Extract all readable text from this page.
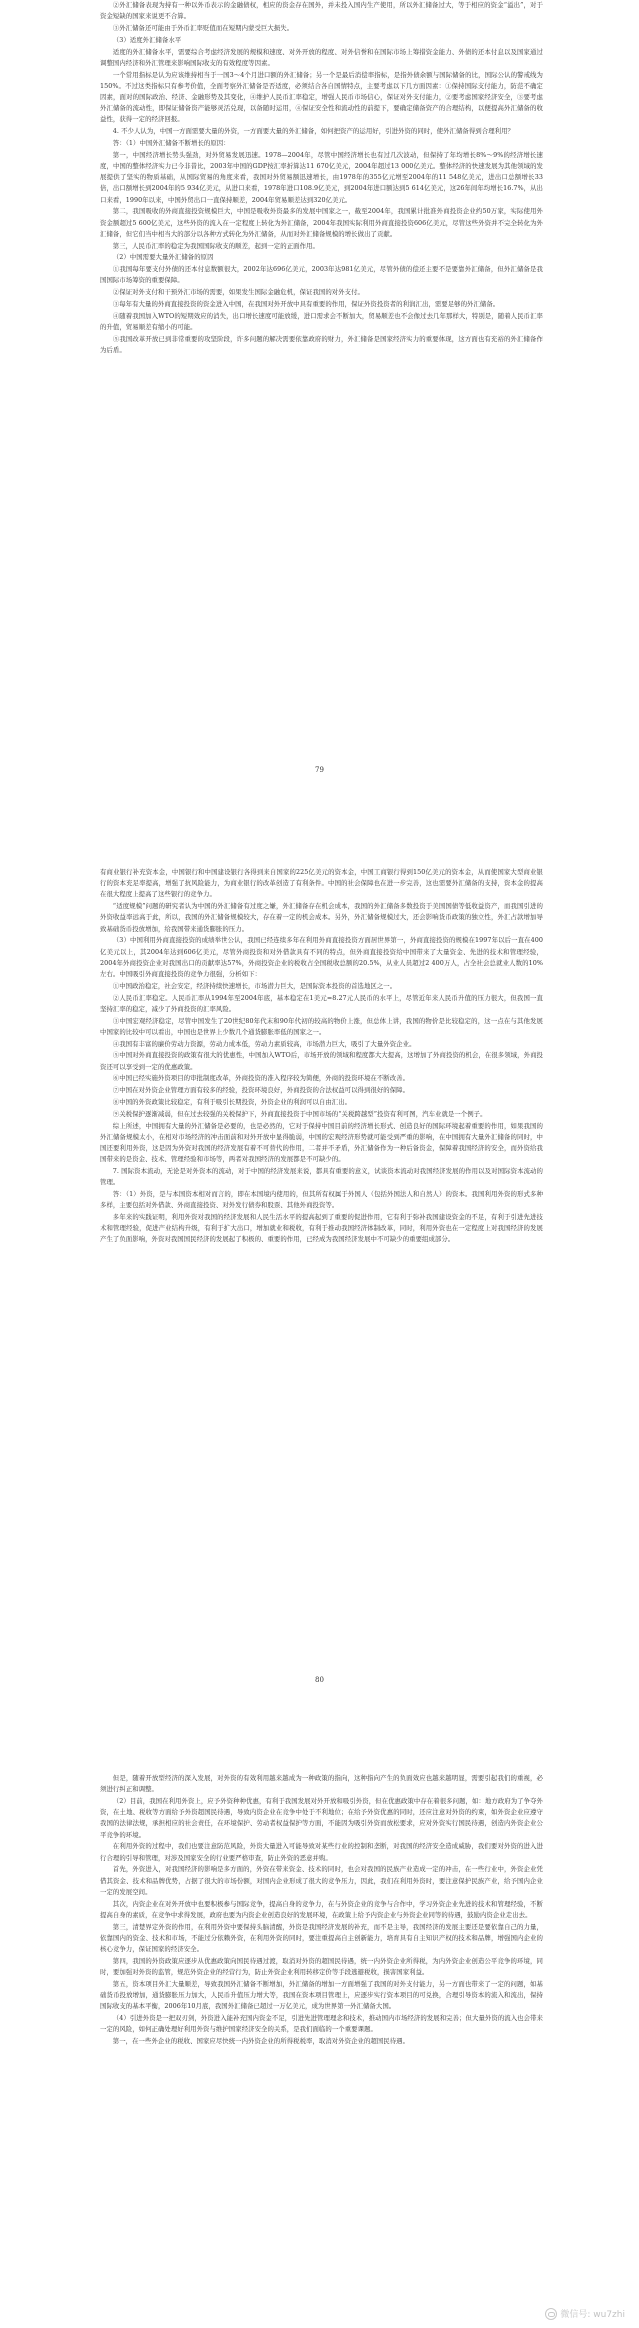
②外汇储备表现为持有一种以外币表示的金融债权，相应的资金存在国外，并未投入国内生产使用，所以外汇储备过大，等于相应的资金“溢出”，对于资金短缺的国家来说更不合算。

③外汇储备还可能由于外币汇率贬值而在短期内蒙受巨大损失。

（3）适度外汇储备水平

适度的外汇储备水平，需要综合考虑经济发展的规模和速度、对外开放的程度、对外信誉和在国际市场上筹措资金能力、外债的还本付息以及国家通过调整国内经济和外汇管理来影响国际收支的有效程度等因素。

一个常用指标是认为应该维持相当于一国3～4个月进口额的外汇储备；另一个是最后消偿率指标，是指外债余额与国际储备的比，国际公认的警戒线为150%。不过这类指标只有参考价值，全面考察外汇储备是否适度，必须结合各自国情特点，主要考虑以下几方面因素：①保持国际支付能力，防范不确定因素，面对的国际政治、经济、金融形势及其变化，④维护人民币汇率稳定，增强人民币市场信心，保证对外支付能力，②要考虑国家经济安全，③要考虑外汇储备的流动性，即保证储备资产能够灵活兑现，以备随时运用，④保证安全性和流动性的前提下，要确定储备资产的合理结构，以便提高外汇储备的收益性，获得一定的经济回报。

4. 不少人认为，中国一方面需要大量的外资，一方面要大量的外汇储备，如何把资产的运用好，引进外资的同时，使外汇储备得到合理利用？

答：（1）中国外汇储备不断增长的原因：

第一，中国经济增长势头强劲，对外贸易发展迅速。1978—2004年，尽管中国经济增长也有过几次波动，但保持了年均增长8%～9%的经济增长速度，中国的整体经济实力已今非昔比，2003年中国的GDP按汇率折算达11 670亿美元，2004年超过13 000亿美元。整体经济的快速发展为其他领域的发展提供了坚实的物质基础，从国际贸易的角度来看，我国对外贸易额迅速增长，由1978年的355亿元增至2004年的11 548亿美元，进出口总额增长33倍，出口额增长到2004年的5 934亿美元，从进口来看，1978年进口108.9亿美元，到2004年进口额达到5 614亿美元，这26年间年均增长16.7%，从出口来看，1990年以来，中国外贸出口一直保持顺差，2004年贸易顺差达到320亿美元。

第二，我国吸收的外商直接投资规模巨大，中国是吸收外资最多的发展中国家之一，截至2004年，我国累计批准外商投资企业约50万家，实际使用外资金额超过5 600亿美元，这些外资的流入在一定程度上转化为外汇储备，2004年我国实际利用外商直接投资606亿美元，尽管这些外资并不完全转化为外汇储备，但它们当中相当大的部分以各种方式转化为外汇储备，从而对外汇储备规模的增长做出了贡献。

第三，人民币汇率的稳定为我国国际收支的顺差，起到一定的正面作用。

（2）中国需要大量外汇储备的原因

①我国每年要支付外债的还本付息数额很大，2002年达696亿美元，2003年达981亿美元，尽管外债的偿还主要不是要靠外汇储备，但外汇储备是我国国际市场筹资的重要保障。

②保证对外支付和干预外汇市场的需要，如果发生国际金融危机，保证我国的对外支付。

③每年有大量的外商直接投资的资金进入中国，在我国对外开放中具有重要的作用，保证外资投资者的利润汇出，需要足够的外汇储备。

④随着我国加入WTO的短期效应的消失，出口增长速度可能放缓，进口需求会不断加大，贸易顺差也不会像过去几年那样大，特别是，随着人民币汇率的升值，贸易顺差有缩小的可能。

⑤我国改革开放已到非常重要的攻坚阶段，许多问题的解决需要依靠政府的财力，外汇储备是国家经济实力的重要体现，这方面也有充裕的外汇储备作为后盾。

79

有商业银行补充资本金，中国银行和中国建设银行各得到来自国家的225亿美元的资本金，中国工商银行得到150亿美元的资本金，从而使国家大型商业银行的资本充足率提高，增强了抗风险能力，为商业银行的改革创造了有利条件。中国的社会保障也在进一步完善，这也需要外汇储备的支持，资本金的提高在很大程度上提高了这些银行的竞争力。

“适度规模”问题的研究者认为中国的外汇储备有过度之嫌，外汇储备存在机会成本，我国的外汇储备多数投资于美国国债等低收益资产，而我国引进的外资收益率远高于此，所以，我国的外汇储备规模较大，存在着一定的机会成本。另外，外汇储备规模过大，还会影响货币政策的独立性，外汇占款增加导致基础货币投放增加，给我国带来通货膨胀的压力。

（3）中国利用外商直接投资的成绩举世公认，我国已经连续多年在利用外商直接投资方面居世界第一，外商直接投资的规模在1997年以后一直在400亿美元以上，其2004年达到606亿美元，尽管外商投资和对外借款具有不同的特点，但外商直接投资给中国带来了大量资金、先进的技术和管理经验，2004年外商投资企业对我国出口的贡献率达57%，外商投资企业的税收占全国税收总额的20.5%，从业人员超过2 400万人，占全社会总就业人数的10%左右。中国吸引外商直接投资的竞争力很强，分析如下：

①中国政治稳定，社会安定，经济持续快速增长，市场潜力巨大，是国际资本投资的首选地区之一。

②人民币汇率稳定。人民币汇率从1994年至2004年底，基本稳定在1美元=8.27元人民币的水平上，尽管近年来人民币升值的压力很大，但我国一直坚持汇率的稳定，减少了外商投资的汇率风险。

③中国宏观经济稳定，尽管中国发生了20世纪80年代末和90年代初的较高的物价上涨，但总体上讲，我国的物价是比较稳定的，这一点在与其他发展中国家的比较中可以看出，中国也是世界上少数几个通货膨胀率低的国家之一。

④我国有丰富的廉价劳动力资源，劳动力成本低，劳动力素质较高，市场潜力巨大，吸引了大量外资企业。

⑤中国对外商直接投资的政策有很大的优惠性，中国加入WTO后，市场开放的领域和程度都大大提高，这增加了外商投资的机会，在很多领域，外商投资还可以享受到一定的优惠政策。

⑥中国已经实施外资项目的审批制度改革，外商投资的准入程序较为简便，外商的投资环境在不断改善。

⑦中国在对外资企业管理方面有较多的经验，投资环境良好，外商投资的合法权益可以得到很好的保障。

⑧中国的外资政策比较稳定，有利于吸引长期投资，外资企业的利润可以自由汇出。

⑨关税保护逐渐减弱，但在过去较强的关税保护下，外商直接投资于中国市场的“关税跨越型”投资有利可图，汽车业就是一个例子。

综上所述，中国拥有大量的外汇储备是必要的，也是必然的，它对于保持中国目前的经济增长形式、创造良好的国际环境起着重要的作用，如果我国的外汇储备规模太小，在相对市场经济的冲击面前和对外开放中显得脆弱，中国的宏观经济形势就可能受到严重的影响，在中国拥有大量外汇储备的同时，中国还要利用外资，这是因为外资对我国的经济发展有着不可替代的作用，二者并不矛盾，外汇储备作为一种后备资金，保障着我国经济的安全，而外资给我国带来的是资金、技术、管理经验和市场等，两者对我国经济的发展都是不可缺少的。

7. 国际资本流动，无论是对外资本的流动，对于中国的经济发展来说，都具有重要的意义，试谈资本流动对我国经济发展的作用以及对国际资本流动的管理。

答：（1）外资，是与本国资本相对而言的，即在本国境内使用的，但其所有权属于外国人（包括外国法人和自然人）的资本。我国利用外资的形式多种多样，主要包括对外借款、外商直接投资、对外发行债券和股票、其他外商投资等。

多年来的实践证明，利用外资对我国的经济发展和人民生活水平的提高起到了重要的促进作用，它有利于弥补我国建设资金的不足，有利于引进先进技术和管理经验，促进产业结构升级，有利于扩大出口，增加就业和税收，有利于推动我国经济体制改革，同时，利用外资也在一定程度上对我国经济的发展产生了负面影响，外资对我国国民经济的发展起了积极的、重要的作用，已经成为我国经济发展中不可缺少的重要组成部分。

80

但是，随着开放型经济的深入发展，对外资的有效利用越来越成为一种政策的指向，这种指向产生的负面效应也越来越明显，需要引起我们的重视，必须进行纠正和调整。

（2）目前，我国在利用外资上，应予外资种种优惠，有利于我国发展对外开放和吸引外资，但在优惠政策中存在着很多问题，如：地方政府为了争夺外资，在土地、税收等方面给予外资超国民待遇，导致内资企业在竞争中处于不利地位；在给予外资优惠的同时，还应注意对外资的约束，如外资企业应遵守我国的法律法规，承担相应的社会责任，在环境保护、劳动者权益保护等方面，不能因为吸引外资而放松要求，应对外资实行国民待遇，创造内外资企业公平竞争的环境。

在利用外资的过程中，我们也要注意防范风险，外资大量进入可能导致对某些行业的控制和垄断，对我国的经济安全造成威胁，我们要对外资的进入进行合理的引导和管理，对涉及国家安全的行业要严格审查，防止外资的恶意并购。

首先，外资进入，对我国经济的影响是多方面的，外资在带来资金、技术的同时，也会对我国的民族产业造成一定的冲击，在一些行业中，外资企业凭借其资金、技术和品牌优势，占据了很大的市场份额，对国内企业形成了很大的竞争压力，因此，我们在利用外资时，要注意保护民族产业，给予国内企业一定的发展空间。

其次，内资企业在对外开放中也要积极参与国际竞争，提高自身的竞争力，在与外资企业的竞争与合作中，学习外资企业先进的技术和管理经验，不断提高自身的素质，在竞争中求得发展，政府也要为内资企业创造良好的发展环境，在政策上给予内资企业与外资企业同等的待遇，鼓励内资企业走出去。

第三，清楚界定外资的作用，在利用外资中要保持头脑清醒，外资是我国经济发展的补充，而不是主导，我国经济的发展主要还是要依靠自己的力量，依靠国内的资金、技术和市场，不能过分依赖外资，在利用外资的同时，要注重提高自主创新能力，培育具有自主知识产权的技术和品牌，增强国内企业的核心竞争力，保证国家的经济安全。

第四，我国的外资政策应逐步从优惠政策向国民待遇过渡，取消对外资的超国民待遇，统一内外资企业所得税，为内外资企业创造公平竞争的环境，同时，要加强对外资的监管，规范外资企业的经营行为，防止外资企业利用转移定价等手段逃避税收，损害国家利益。

第五，资本项目外汇大量顺差，导致我国外汇储备不断增加，外汇储备的增加一方面增强了我国的对外支付能力，另一方面也带来了一定的问题，如基础货币投放增加，通货膨胀压力加大，人民币升值压力增大等，我国在资本项目管理上，应逐步实行资本项目的可兑换，合理引导资本的流入和流出，保持国际收支的基本平衡，2006年10月底，我国外汇储备已超过一万亿美元，成为世界第一外汇储备大国。

（4）引进外资是一把双刃剑，外资进入能补充国内资金不足，引进先进管理理念和技术，推动国内市场经济的发展和完善；但大量外资的流入也会带来一定的风险，如何正确处理好利用外资与维护国家经济安全的关系，是我们面临的一个重要课题。

第一，在一些外企业的税收、国家应尽快统一内外资企业的所得税税率，取消对外资企业的超国民待遇。

微信号: wu7zhi
